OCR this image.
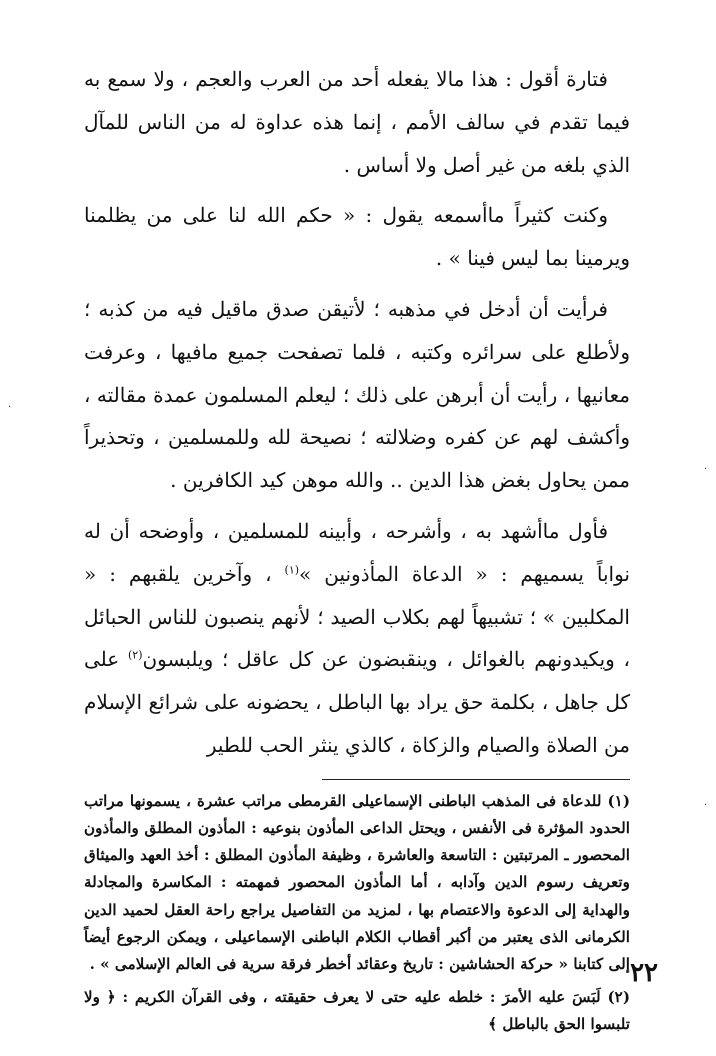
فتارة أقول : هذا مالا يفعله أحد من العرب والعجم ، ولا سمع به فيما تقدم في سالف الأمم ، إنما هذه عداوة له من الناس للمآل الذي بلغه من غير أصل ولا أساس .

وكنت كثيراً ماأسمعه يقول : « حكم الله لنا على من يظلمنا ويرمينا بما ليس فينا » .

فرأيت أن أدخل في مذهبه ؛ لأتيقن صدق ماقيل فيه من كذبه ؛ ولأطلع على سرائره وكتبه ، فلما تصفحت جميع مافيها ، وعرفت معانيها ، رأيت أن أبرهن على ذلك ؛ ليعلم المسلمون عمدة مقالته ، وأكشف لهم عن كفره وضلالته ؛ نصيحة لله وللمسلمين ، وتحذيراً ممن يحاول بغض هذا الدين .. والله موهن كيد الكافرين .

فأول ماأشهد به ، وأشرحه ، وأبينه للمسلمين ، وأوضحه أن له نواباً يسميهم : « الدعاة المأذونين »$^{(١)}$ ، وآخرين يلقبهم : « المكلبين » ؛ تشبيهاً لهم بكلاب الصيد ؛ لأنهم ينصبون للناس الحبائل ، ويكيدونهم بالغوائل ، وينقبضون عن كل عاقل ؛ ويلبسون$^{(٢)}$ على كل جاهل ، بكلمة حق يراد بها الباطل ، يحضونه على شرائع الإسلام من الصلاة والصيام والزكاة ، كالذي ينثر الحب للطير

(١) للدعاة فى المذهب الباطنى الإسماعيلى القرمطى مراتب عشرة ، يسمونها مراتب الحدود المؤثرة فى الأنفس ، ويحتل الداعى المأذون بنوعيه : المأذون المطلق والمأذون المحصور ـ المرتبتين : التاسعة والعاشرة ، وظيفة المأذون المطلق : أخذ العهد والميثاق وتعريف رسوم الدين وآدابه ، أما المأذون المحصور فمهمته : المكاسرة والمجادلة والهداية إلى الدعوة والاعتصام بها ، لمزيد من التفاصيل يراجع راحة العقل لحميد الدين الكرمانى الذى يعتبر من أكبر أقطاب الكلام الباطنى الإسماعيلى ، ويمكن الرجوع أيضاً إلى كتابنا « حركة الحشاشين : تاريخ وعقائد أخطر فرقة سرية فى العالم الإسلامى » .

(٢) لَبَسَ عليه الأمرَ : خلطه عليه حتى لا يعرف حقيقته ، وفى القرآن الكريم : ﴿ ولا تلبسوا الحق بالباطل ﴾

٢٢
·
·
·
